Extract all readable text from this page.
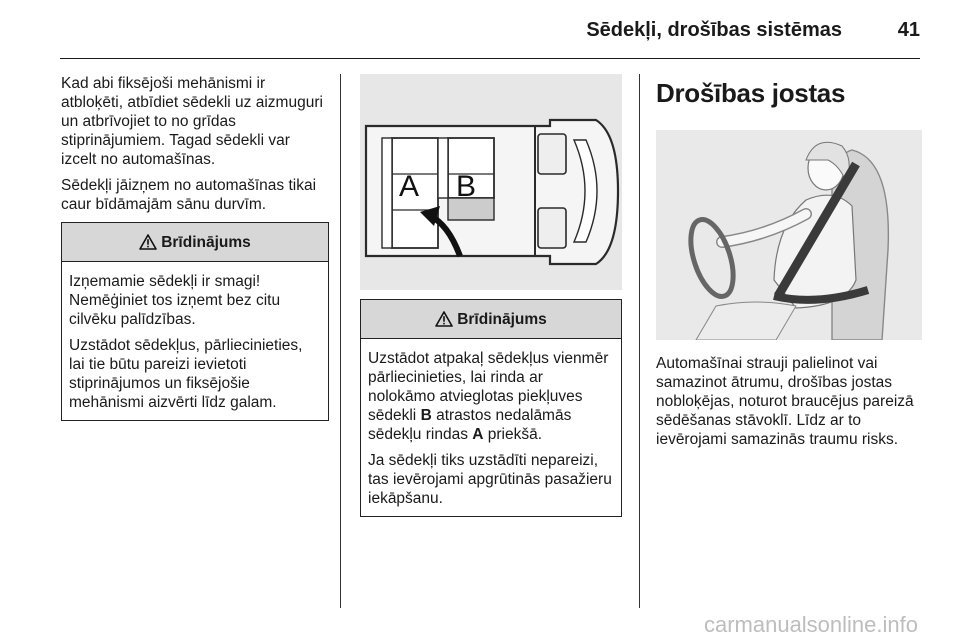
Sēdekļi, drošības sistēmas	41

Kad abi fiksējoši mehānismi ir atbloķēti, atbīdiet sēdekli uz aizmuguri un atbrīvojiet to no grīdas stiprinājumiem. Tagad sēdekli var izcelt no automašīnas.

Sēdekļi jāizņem no automašīnas tikai caur bīdāmajām sānu durvīm.

Brīdinājums

Izņemamie sēdekļi ir smagi! Nemēģiniet tos izņemt bez citu cilvēku palīdzības.

Uzstādot sēdekļus, pārliecinieties, lai tie būtu pareizi ievietoti stiprinājumos un fiksējošie mehānismi aizvērti līdz galam.

A B
Brīdinājums

Uzstādot atpakaļ sēdekļus vienmēr pārliecinieties, lai rinda ar nolokāmo atvieglotas piekļuves sēdekli B atrastos nedalāmās sēdekļu rindas A priekšā.

Ja sēdekļi tiks uzstādīti nepareizi, tas ievērojami apgrūtinās pasažieru iekāpšanu.

Drošības jostas

Automašīnai strauji palielinot vai samazinot ātrumu, drošības jostas nobloķējas, noturot braucējus pareizā sēdēšanas stāvoklī. Līdz ar to ievērojami samazinās traumu risks.

carmanualsonline.info
